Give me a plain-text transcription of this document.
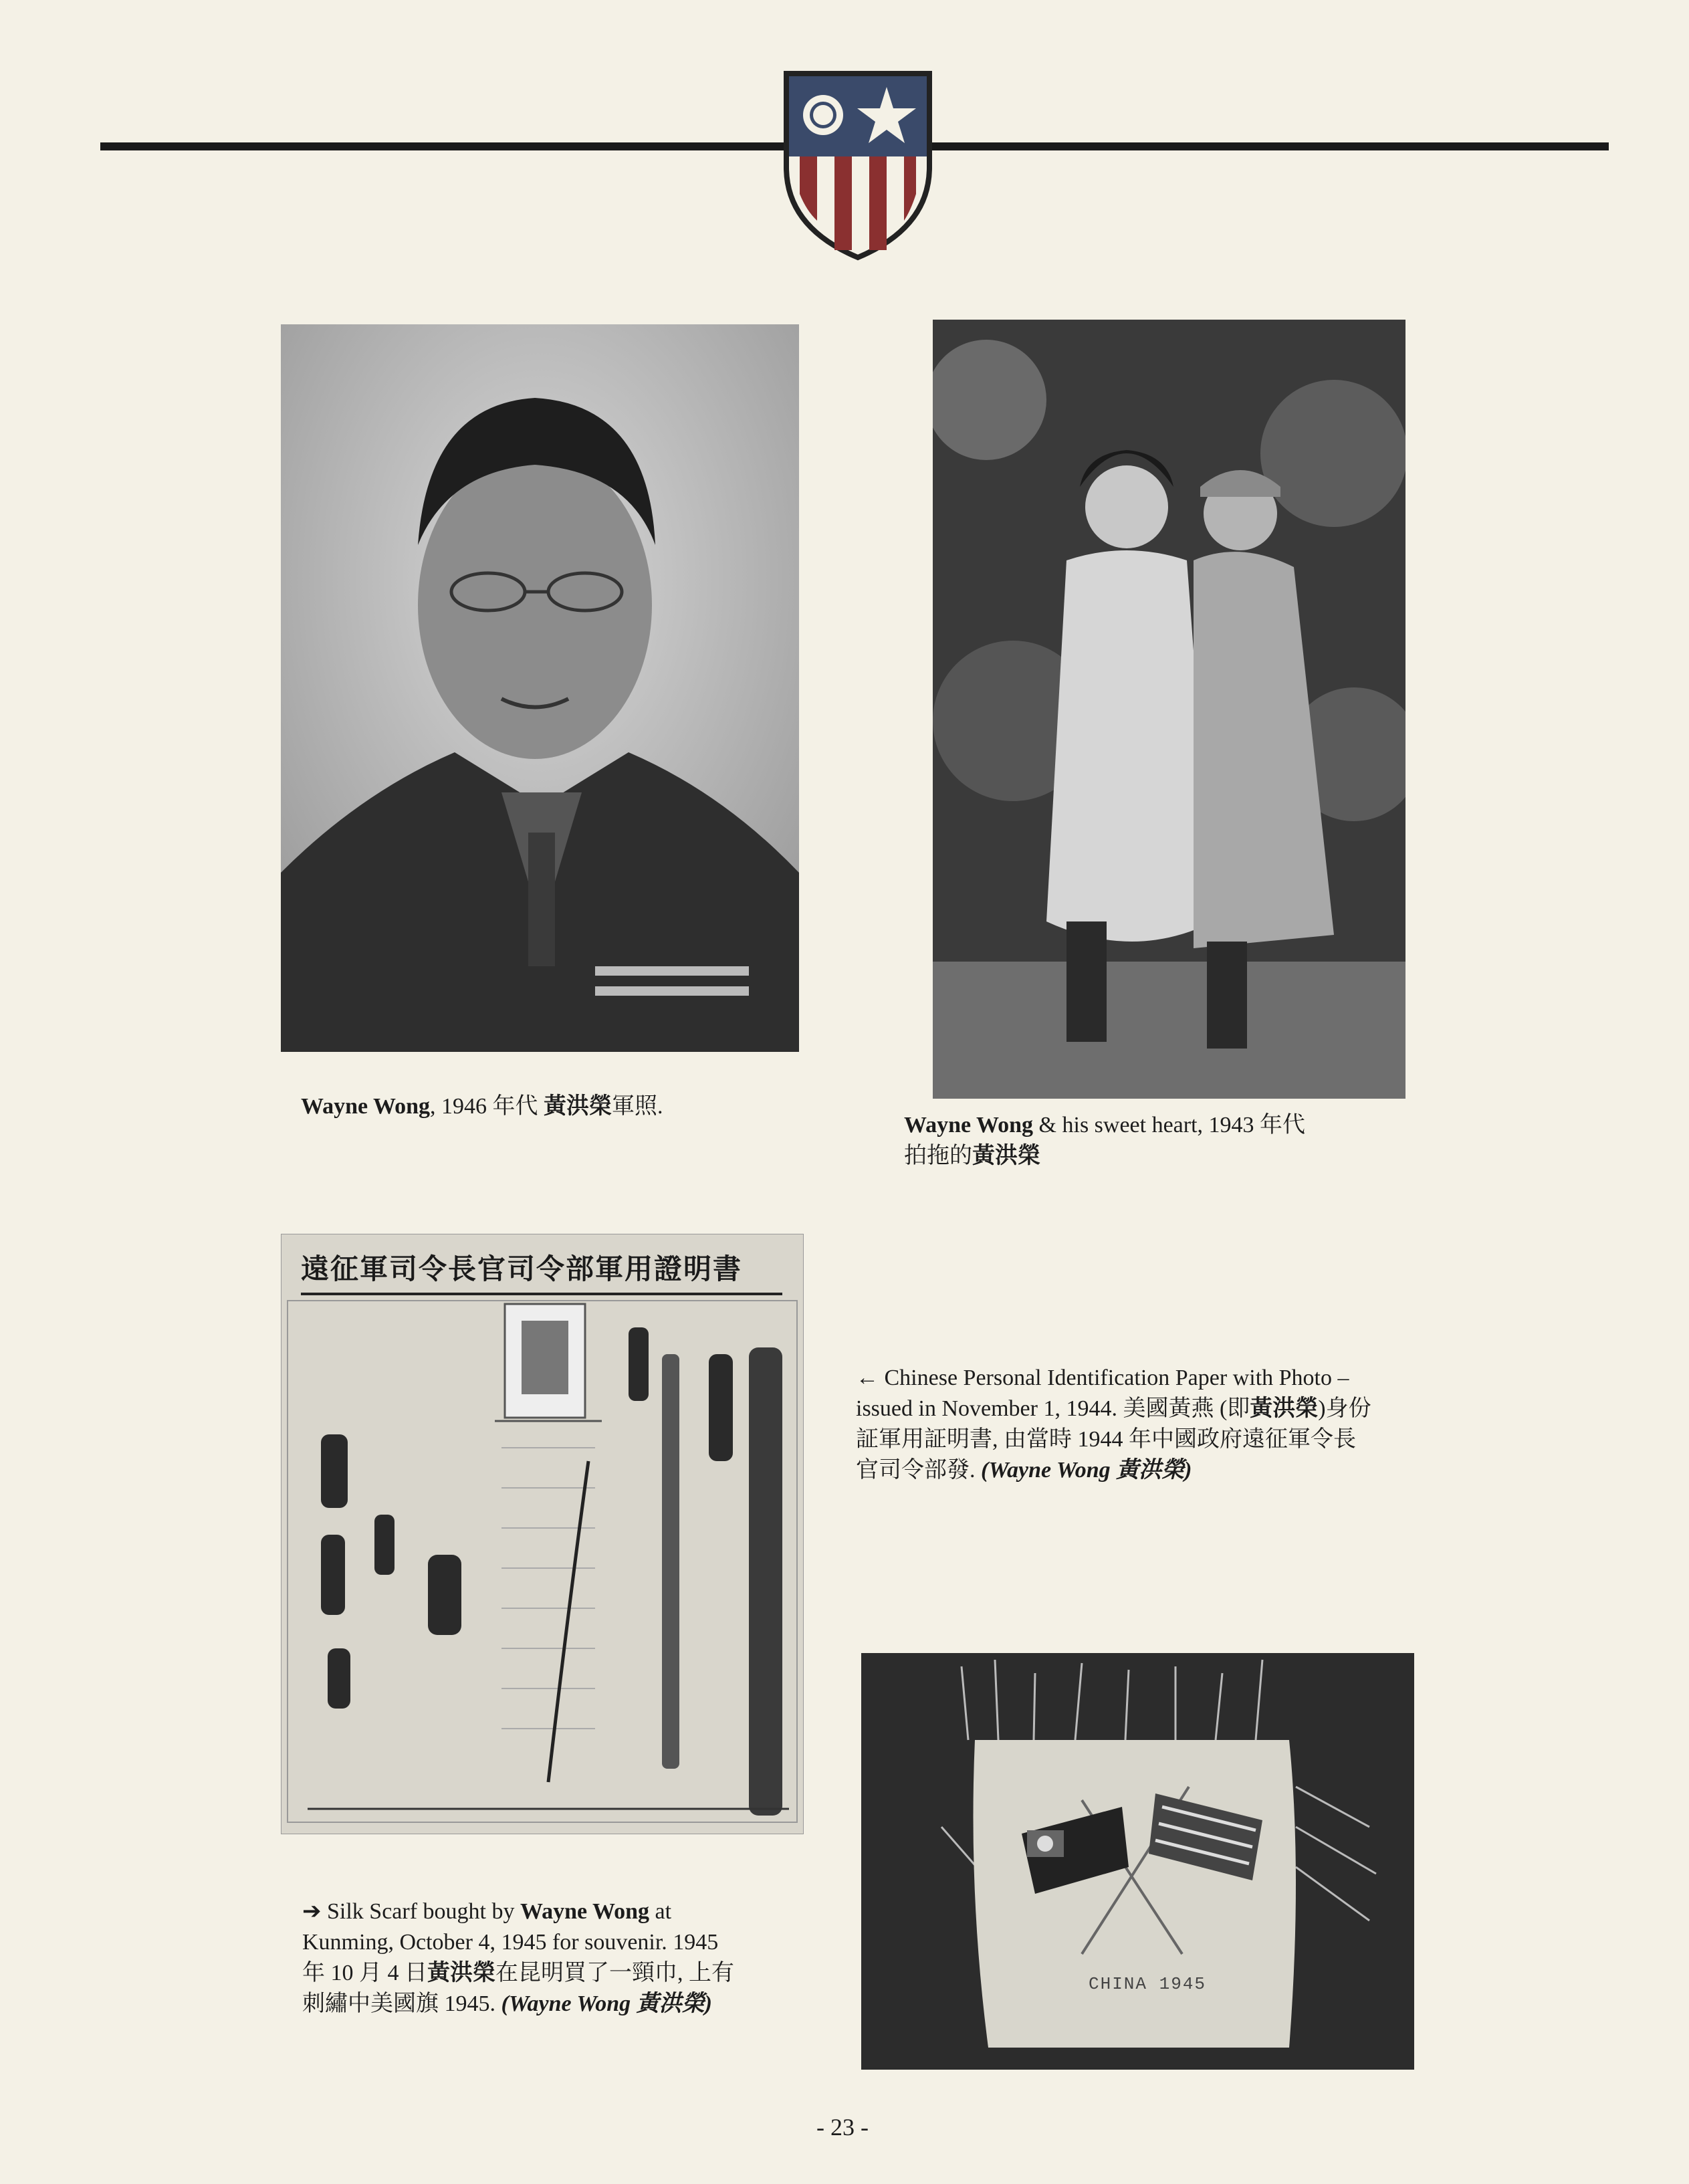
遠征軍司令長官司令部軍用證明書
CHINA 1945
Wayne Wong, 1946 年代 黃洪榮軍照.
Wayne Wong & his sweet heart, 1943 年代
拍拖的黃洪榮
← Chinese Personal Identification Paper with Photo –
issued in November 1, 1944. 美國黃燕 (即黃洪榮)身份
証軍用証明書, 由當時 1944 年中國政府遠征軍令長
官司令部發. (Wayne Wong 黃洪榮)
➔ Silk Scarf bought by Wayne Wong at
Kunming, October 4, 1945 for souvenir. 1945
年 10 月 4 日黃洪榮在昆明買了一頸巾, 上有
刺繡中美國旗 1945. (Wayne Wong 黃洪榮)
- 23 -
